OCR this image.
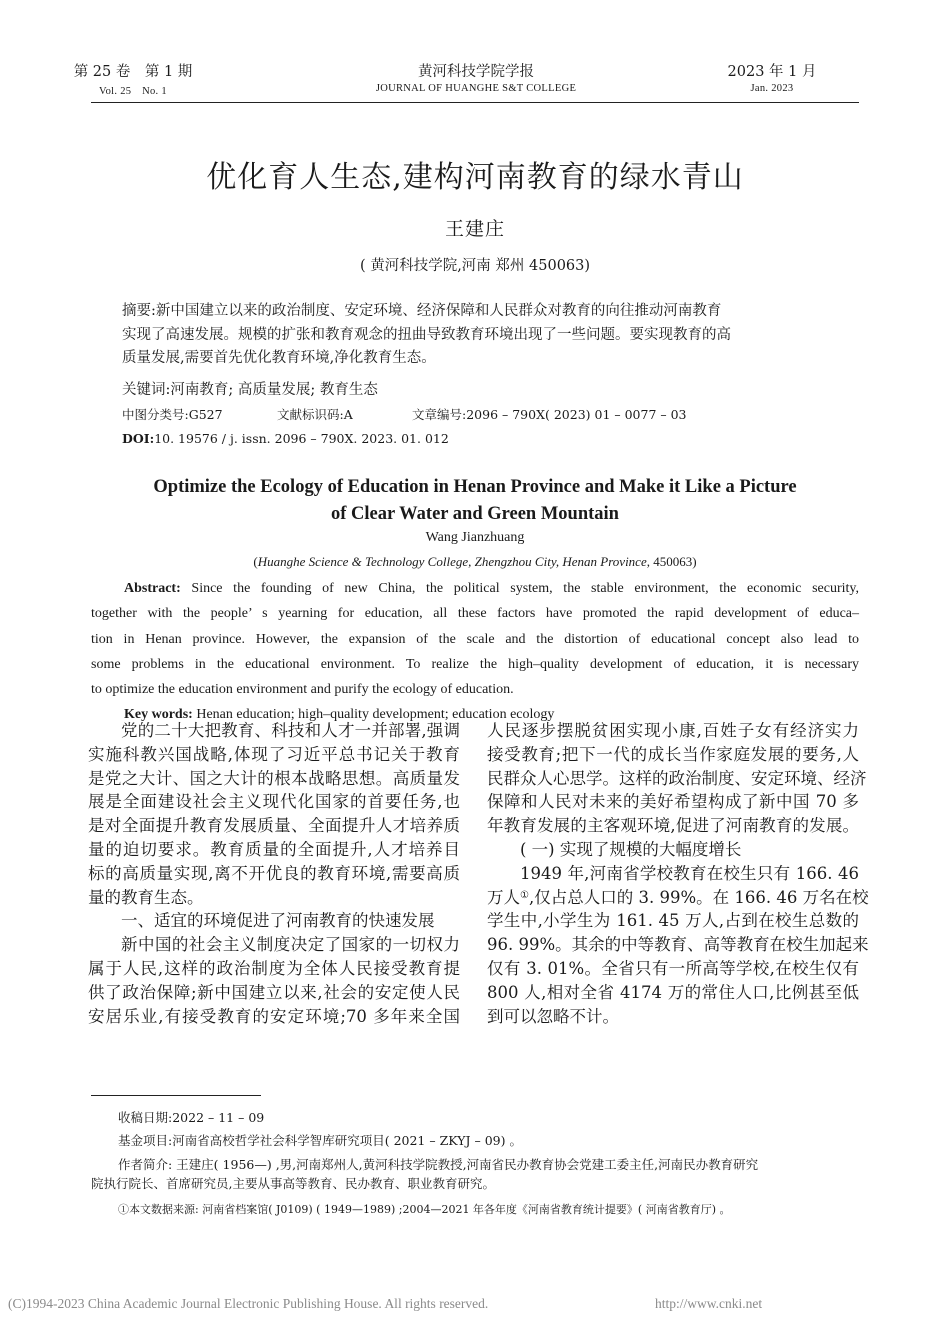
第 25 卷　第 1 期	黄河科技学院学报	2023 年 1 月
Vol. 25　No. 1	JOURNAL OF HUANGHE S&T COLLEGE	Jan. 2023
优化育人生态,建构河南教育的绿水青山
王建庄
( 黄河科技学院,河南 郑州 450063)
摘要:新中国建立以来的政治制度、安定环境、经济保障和人民群众对教育的向往推动河南教育
实现了高速发展。规模的扩张和教育观念的扭曲导致教育环境出现了一些问题。要实现教育的高
质量发展,需要首先优化教育环境,净化教育生态。
关键词:河南教育; 高质量发展; 教育生态
中图分类号:G527	文献标识码:A	文章编号:2096 – 790X( 2023) 01 – 0077 – 03
DOI:10. 19576 / j. issn. 2096 – 790X. 2023. 01. 012
Optimize the Ecology of Education in Henan Province and Make it Like a Picture
of Clear Water and Green Mountain
Wang Jianzhuang
(Huanghe Science & Technology College, Zhengzhou City, Henan Province, 450063)
Abstract: Since the founding of new China, the political system, the stable environment, the economic security,
together with the people’ s yearning for education, all these factors have promoted the rapid development of educa–
tion in Henan province. However, the expansion of the scale and the distortion of educational concept also lead to
some problems in the educational environment. To realize the high–quality development of education, it is necessary
to optimize the education environment and purify the ecology of education.
Key words: Henan education; high–quality development; education ecology
党的二十大把教育、科技和人才一并部署,强调
实施科教兴国战略,体现了习近平总书记关于教育
是党之大计、国之大计的根本战略思想。高质量发
展是全面建设社会主义现代化国家的首要任务,也
是对全面提升教育发展质量、全面提升人才培养质
量的迫切要求。教育质量的全面提升,人才培养目
标的高质量实现,离不开优良的教育环境,需要高质
量的教育生态。
一、适宜的环境促进了河南教育的快速发展
新中国的社会主义制度决定了国家的一切权力
属于人民,这样的政治制度为全体人民接受教育提
供了政治保障;新中国建立以来,社会的安定使人民
安居乐业,有接受教育的安定环境;70 多年来全国
人民逐步摆脱贫困实现小康,百姓子女有经济实力
接受教育;把下一代的成长当作家庭发展的要务,人
民群众人心思学。这样的政治制度、安定环境、经济
保障和人民对未来的美好希望构成了新中国 70 多
年教育发展的主客观环境,促进了河南教育的发展。
( 一) 实现了规模的大幅度增长
1949 年,河南省学校教育在校生只有 166. 46
万人①,仅占总人口的 3. 99%。在 166. 46 万名在校
学生中,小学生为 161. 45 万人,占到在校生总数的
96. 99%。其余的中等教育、高等教育在校生加起来
仅有 3. 01%。全省只有一所高等学校,在校生仅有
800 人,相对全省 4174 万的常住人口,比例甚至低
到可以忽略不计。
收稿日期:2022 – 11 – 09
基金项目:河南省高校哲学社会科学智库研究项目( 2021 – ZKYJ – 09) 。
作者简介: 王建庄( 1956—) ,男,河南郑州人,黄河科技学院教授,河南省民办教育协会党建工委主任,河南民办教育研究
院执行院长、首席研究员,主要从事高等教育、民办教育、职业教育研究。
①本文数据来源: 河南省档案馆( J0109) ( 1949—1989) ;2004—2021 年各年度《河南省教育统计提要》( 河南省教育厅) 。
(C)1994-2023 China Academic Journal Electronic Publishing House. All rights reserved.	http://www.cnki.net
